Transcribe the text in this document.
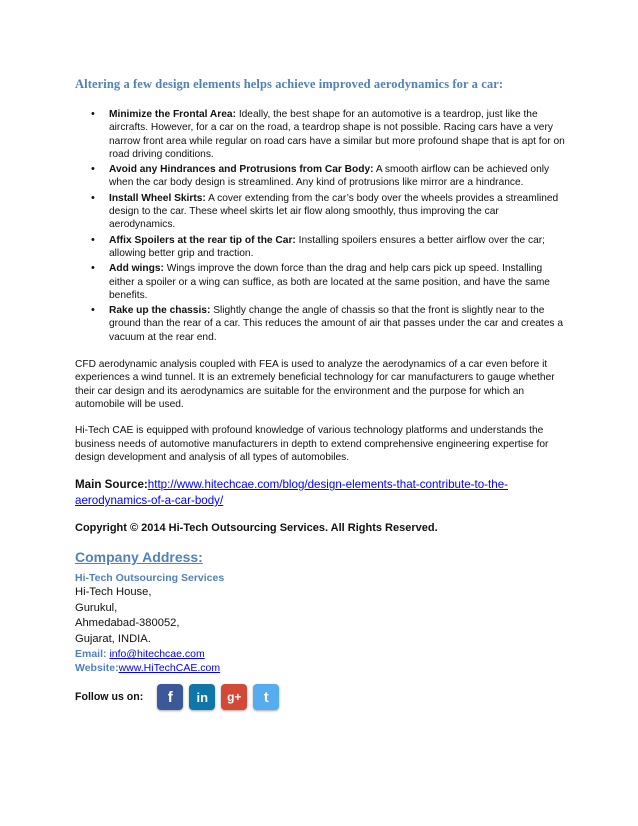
Altering a few design elements helps achieve improved aerodynamics for a car:
• Minimize the Frontal Area: Ideally, the best shape for an automotive is a teardrop, just like the aircrafts. However, for a car on the road, a teardrop shape is not possible. Racing cars have a very narrow front area while regular on road cars have a similar but more profound shape that is apt for on road driving conditions.
• Avoid any Hindrances and Protrusions from Car Body: A smooth airflow can be achieved only when the car body design is streamlined. Any kind of protrusions like mirror are a hindrance.
• Install Wheel Skirts: A cover extending from the car’s body over the wheels provides a streamlined design to the car. These wheel skirts let air flow along smoothly, thus improving the car aerodynamics.
• Affix Spoilers at the rear tip of the Car: Installing spoilers ensures a better airflow over the car; allowing better grip and traction.
• Add wings: Wings improve the down force than the drag and help cars pick up speed. Installing either a spoiler or a wing can suffice, as both are located at the same position, and have the same benefits.
• Rake up the chassis: Slightly change the angle of chassis so that the front is slightly near to the ground than the rear of a car. This reduces the amount of air that passes under the car and creates a vacuum at the rear end.

CFD aerodynamic analysis coupled with FEA is used to analyze the aerodynamics of a car even before it experiences a wind tunnel. It is an extremely beneficial technology for car manufacturers to gauge whether their car design and its aerodynamics are suitable for the environment and the purpose for which an automobile will be used.

Hi-Tech CAE is equipped with profound knowledge of various technology platforms and understands the business needs of automotive manufacturers in depth to extend comprehensive engineering expertise for design development and analysis of all types of automobiles.

Main Source:http://www.hitechcae.com/blog/design-elements-that-contribute-to-the-aerodynamics-of-a-car-body/

Copyright © 2014 Hi-Tech Outsourcing Services. All Rights Reserved.

Company Address:

Hi-Tech Outsourcing Services

Hi-Tech House,

Gurukul,

Ahmedabad-380052,

Gujarat, INDIA.

Email: info@hitechcae.com

Website:www.HiTechCAE.com

Follow us on:	f	in	g+	t
